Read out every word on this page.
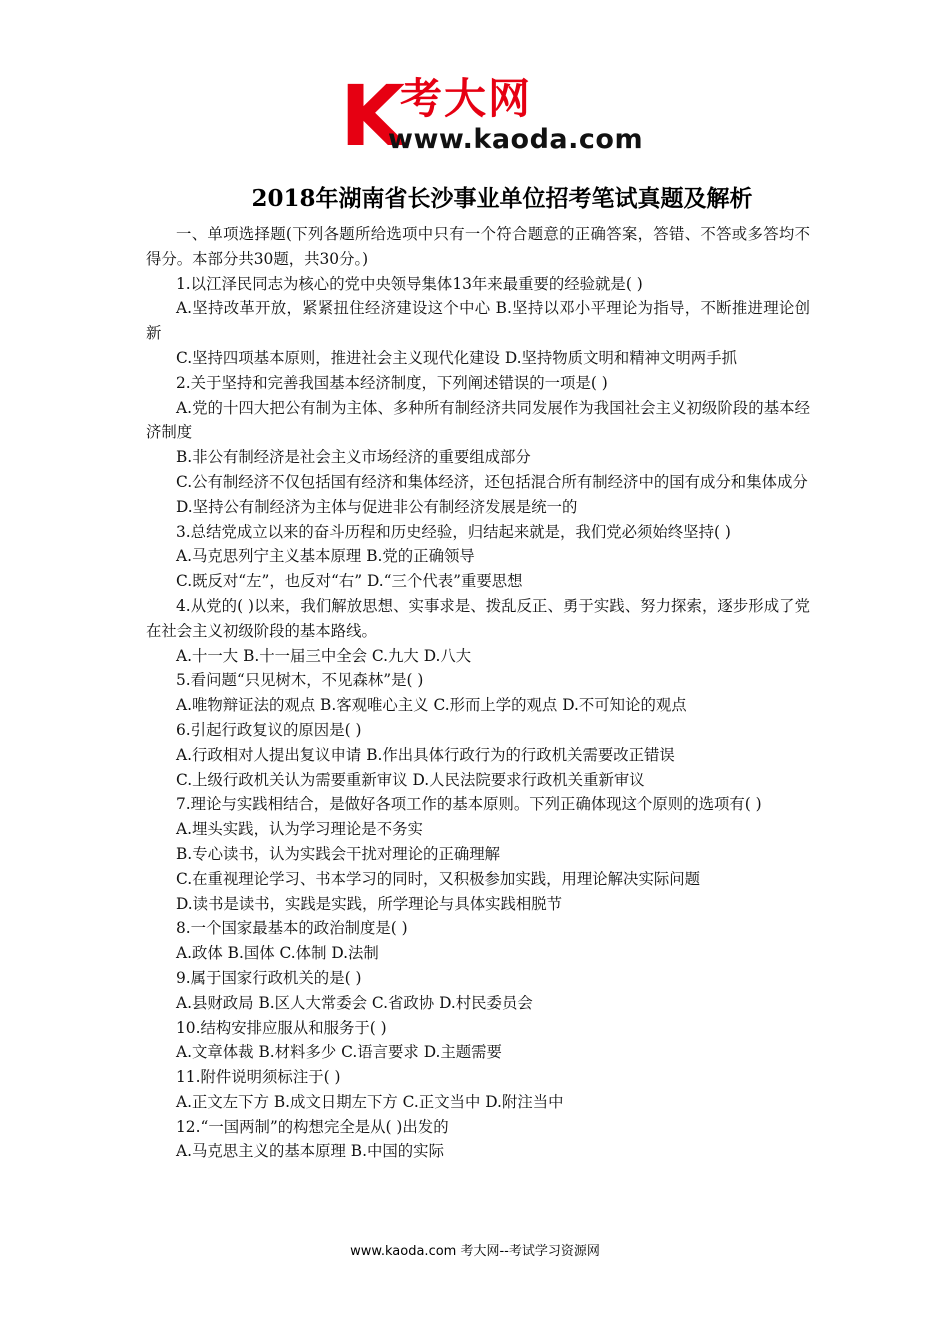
K
考大网
www.kaoda.com
2018年湖南省长沙事业单位招考笔试真题及解析

一、单项选择题(下列各题所给选项中只有一个符合题意的正确答案，答错、不答或多答均不得分。本部分共30题，共30分。)

1.以江泽民同志为核心的党中央领导集体13年来最重要的经验就是( )

A.坚持改革开放，紧紧扭住经济建设这个中心 B.坚持以邓小平理论为指导，不断推进理论创新

C.坚持四项基本原则，推进社会主义现代化建设 D.坚持物质文明和精神文明两手抓

2.关于坚持和完善我国基本经济制度，下列阐述错误的一项是( )

A.党的十四大把公有制为主体、多种所有制经济共同发展作为我国社会主义初级阶段的基本经济制度

B.非公有制经济是社会主义市场经济的重要组成部分

C.公有制经济不仅包括国有经济和集体经济，还包括混合所有制经济中的国有成分和集体成分

D.坚持公有制经济为主体与促进非公有制经济发展是统一的

3.总结党成立以来的奋斗历程和历史经验，归结起来就是，我们党必须始终坚持( )

A.马克思列宁主义基本原理 B.党的正确领导

C.既反对“左”，也反对“右” D.“三个代表”重要思想

4.从党的( )以来，我们解放思想、实事求是、拨乱反正、勇于实践、努力探索，逐步形成了党在社会主义初级阶段的基本路线。

A.十一大 B.十一届三中全会 C.九大 D.八大

5.看问题“只见树木，不见森林”是( )

A.唯物辩证法的观点 B.客观唯心主义 C.形而上学的观点 D.不可知论的观点

6.引起行政复议的原因是( )

A.行政相对人提出复议申请 B.作出具体行政行为的行政机关需要改正错误

C.上级行政机关认为需要重新审议 D.人民法院要求行政机关重新审议

7.理论与实践相结合，是做好各项工作的基本原则。下列正确体现这个原则的选项有( )

A.埋头实践，认为学习理论是不务实

B.专心读书，认为实践会干扰对理论的正确理解

C.在重视理论学习、书本学习的同时，又积极参加实践，用理论解决实际问题

D.读书是读书，实践是实践，所学理论与具体实践相脱节

8.一个国家最基本的政治制度是( )

A.政体 B.国体 C.体制 D.法制

9.属于国家行政机关的是( )

A.县财政局 B.区人大常委会 C.省政协 D.村民委员会

10.结构安排应服从和服务于( )

A.文章体裁 B.材料多少 C.语言要求 D.主题需要

11.附件说明须标注于( )

A.正文左下方 B.成文日期左下方 C.正文当中 D.附注当中

12.“一国两制”的构想完全是从( )出发的

A.马克思主义的基本原理 B.中国的实际

www.kaoda.com 考大网--考试学习资源网
